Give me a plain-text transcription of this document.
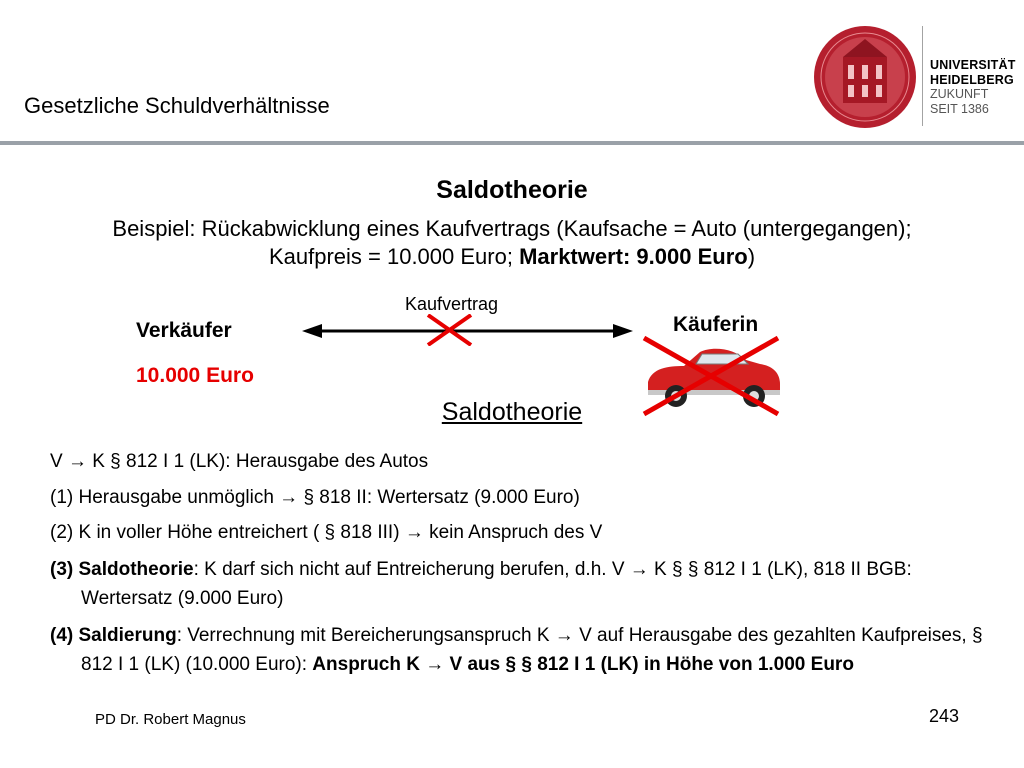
Gesetzliche Schuldverhältnisse
UNIVERSITÄT
HEIDELBERG
ZUKUNFT
SEIT 1386
Saldotheorie
Beispiel: Rückabwicklung eines Kaufvertrags (Kaufsache = Auto (untergegangen);
Kaufpreis = 10.000 Euro; Marktwert: 9.000 Euro)
Kaufvertrag
Verkäufer
10.000 Euro
Käuferin
Saldotheorie
V → K § 812 I 1 (LK): Herausgabe des Autos
(1) Herausgabe unmöglich → § 818 II: Wertersatz (9.000 Euro)
(2) K in voller Höhe entreichert ( § 818 III) → kein Anspruch des V
(3) Saldotheorie: K darf sich nicht auf Entreicherung berufen, d.h. V → K § § 812 I 1 (LK), 818 II BGB: Wertersatz (9.000 Euro)
(4) Saldierung: Verrechnung mit Bereicherungsanspruch K → V auf Herausgabe des gezahlten Kaufpreises, § 812 I 1 (LK) (10.000 Euro): Anspruch K → V aus § § 812 I 1 (LK) in Höhe von 1.000 Euro
PD Dr. Robert Magnus	243
